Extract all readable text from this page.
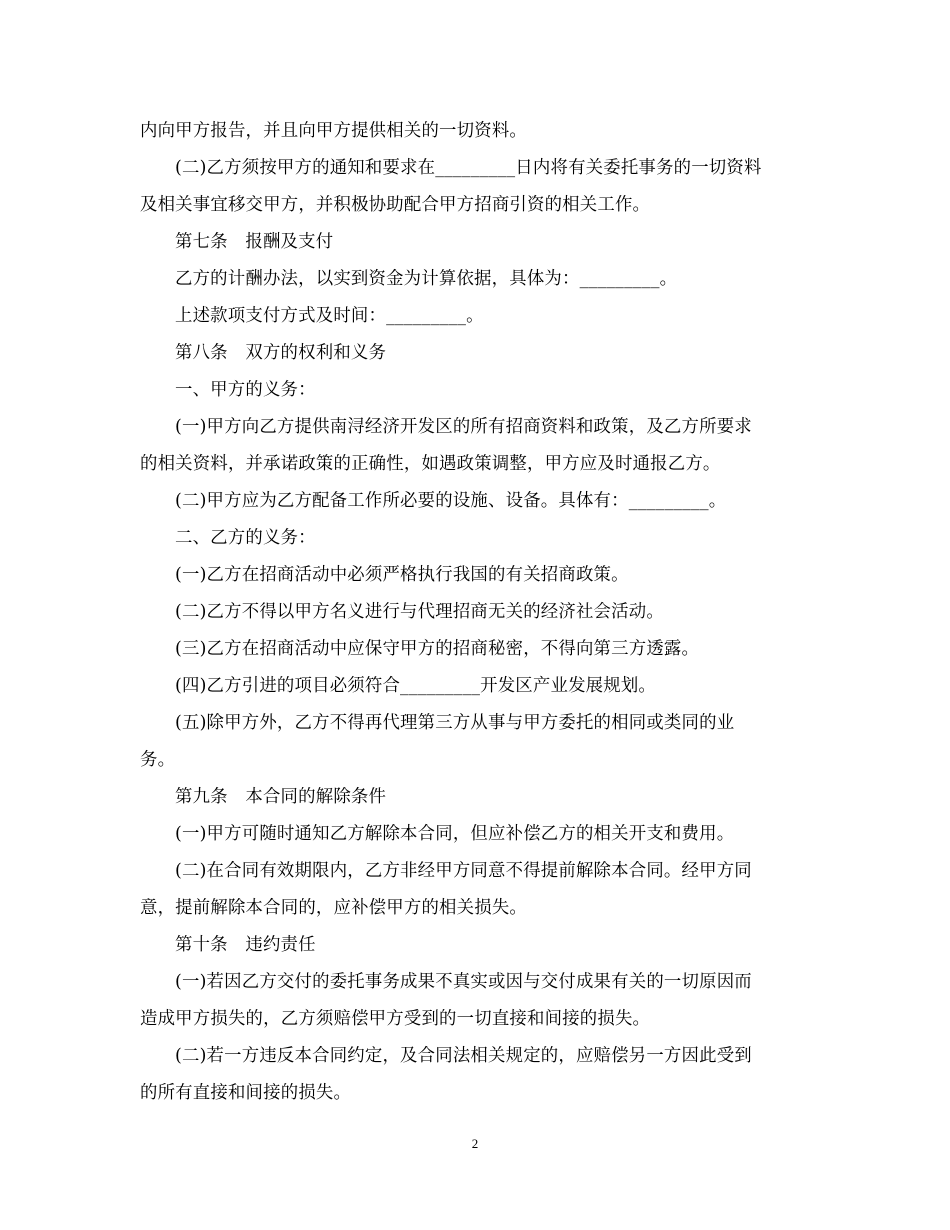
内向甲方报告，并且向甲方提供相关的一切资料。
(二)乙方须按甲方的通知和要求在_________日内将有关委托事务的一切资料
及相关事宜移交甲方，并积极协助配合甲方招商引资的相关工作。
第七条　报酬及支付
乙方的计酬办法，以实到资金为计算依据，具体为：_________。
上述款项支付方式及时间：_________。
第八条　双方的权利和义务
一、甲方的义务：
(一)甲方向乙方提供南浔经济开发区的所有招商资料和政策，及乙方所要求
的相关资料，并承诺政策的正确性，如遇政策调整，甲方应及时通报乙方。
(二)甲方应为乙方配备工作所必要的设施、设备。具体有：_________。
二、乙方的义务：
(一)乙方在招商活动中必须严格执行我国的有关招商政策。
(二)乙方不得以甲方名义进行与代理招商无关的经济社会活动。
(三)乙方在招商活动中应保守甲方的招商秘密，不得向第三方透露。
(四)乙方引进的项目必须符合_________开发区产业发展规划。
(五)除甲方外，乙方不得再代理第三方从事与甲方委托的相同或类同的业
务。
第九条　本合同的解除条件
(一)甲方可随时通知乙方解除本合同，但应补偿乙方的相关开支和费用。
(二)在合同有效期限内，乙方非经甲方同意不得提前解除本合同。经甲方同
意，提前解除本合同的，应补偿甲方的相关损失。
第十条　违约责任
(一)若因乙方交付的委托事务成果不真实或因与交付成果有关的一切原因而
造成甲方损失的，乙方须赔偿甲方受到的一切直接和间接的损失。
(二)若一方违反本合同约定，及合同法相关规定的，应赔偿另一方因此受到
的所有直接和间接的损失。
2
